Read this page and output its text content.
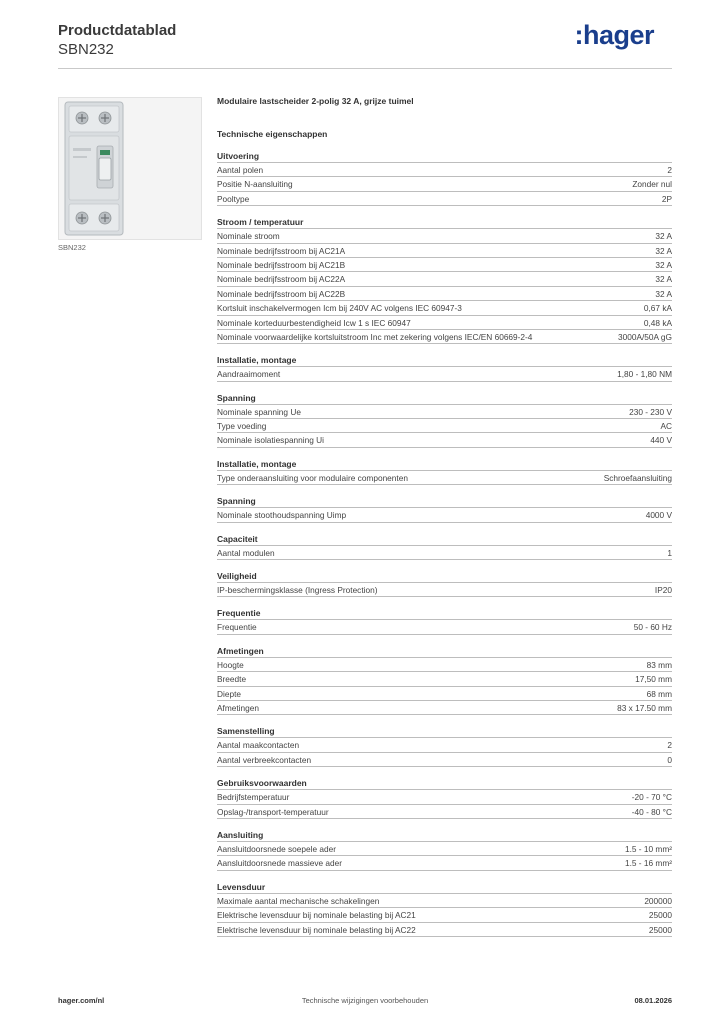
Productdatablad
SBN232	:hager
SBN232
Modulaire lastscheider 2-polig 32 A, grijze tuimel
Technische eigenschappen
Uitvoering
Aantal polen	2
Positie N-aansluiting	Zonder nul
Pooltype	2P
Stroom / temperatuur
Nominale stroom	32 A
Nominale bedrijfsstroom bij AC21A	32 A
Nominale bedrijfsstroom bij AC21B	32 A
Nominale bedrijfsstroom bij AC22A	32 A
Nominale bedrijfsstroom bij AC22B	32 A
Kortsluit inschakelvermogen Icm bij 240V AC volgens IEC 60947-3	0,67 kA
Nominale korteduurbestendigheid Icw 1 s IEC 60947	0,48 kA
Nominale voorwaardelijke kortsluitstroom Inc met zekering volgens IEC/EN 60669-2-4	3000A/50A gG
Installatie, montage
Aandraaimoment	1,80 - 1,80 NM
Spanning
Nominale spanning Ue	230 - 230 V
Type voeding	AC
Nominale isolatiespanning Ui	440 V
Installatie, montage
Type onderaansluiting voor modulaire componenten	Schroefaansluiting
Spanning
Nominale stoothoudspanning Uimp	4000 V
Capaciteit
Aantal modulen	1
Veiligheid
IP-beschermingsklasse (Ingress Protection)	IP20
Frequentie
Frequentie	50 - 60 Hz
Afmetingen
Hoogte	83 mm
Breedte	17,50 mm
Diepte	68 mm
Afmetingen	83 x 17.50 mm
Samenstelling
Aantal maakcontacten	2
Aantal verbreekcontacten	0
Gebruiksvoorwaarden
Bedrijfstemperatuur	-20 - 70 °C
Opslag-/transport-temperatuur	-40 - 80 °C
Aansluiting
Aansluitdoorsnede soepele ader	1.5 - 10 mm²
Aansluitdoorsnede massieve ader	1.5 - 16 mm²
Levensduur
Maximale aantal mechanische schakelingen	200000
Elektrische levensduur bij nominale belasting bij AC21	25000
Elektrische levensduur bij nominale belasting bij AC22	25000
Technische wijzigingen voorbehouden
hager.com/nl	08.01.2026
